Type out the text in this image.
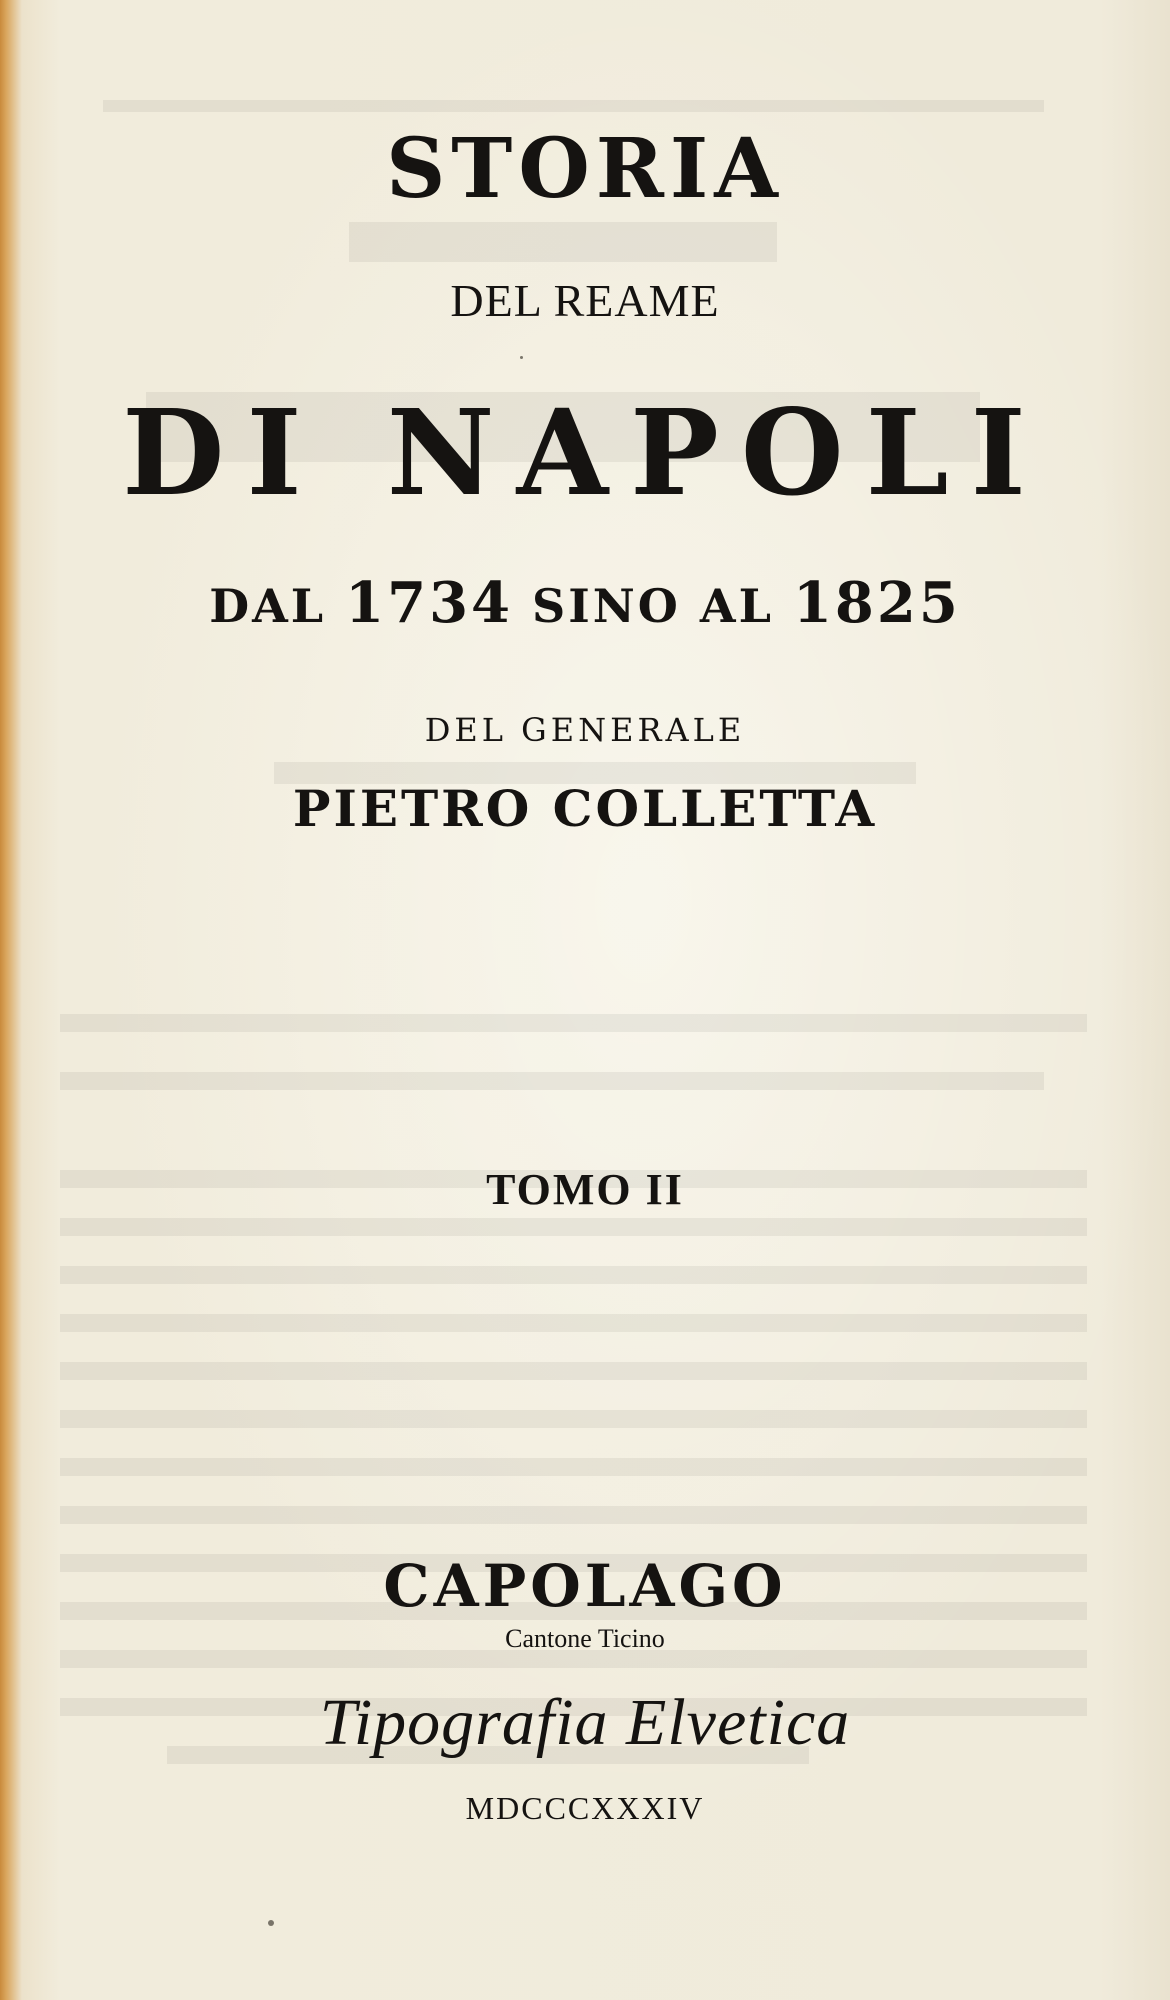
STORIA
DEL REAME
DI NAPOLI
DAL 1734 SINO AL 1825
DEL GENERALE
PIETRO COLLETTA
TOMO II
CAPOLAGO
Cantone Ticino
Tipografia Elvetica
MDCCCXXXIV
